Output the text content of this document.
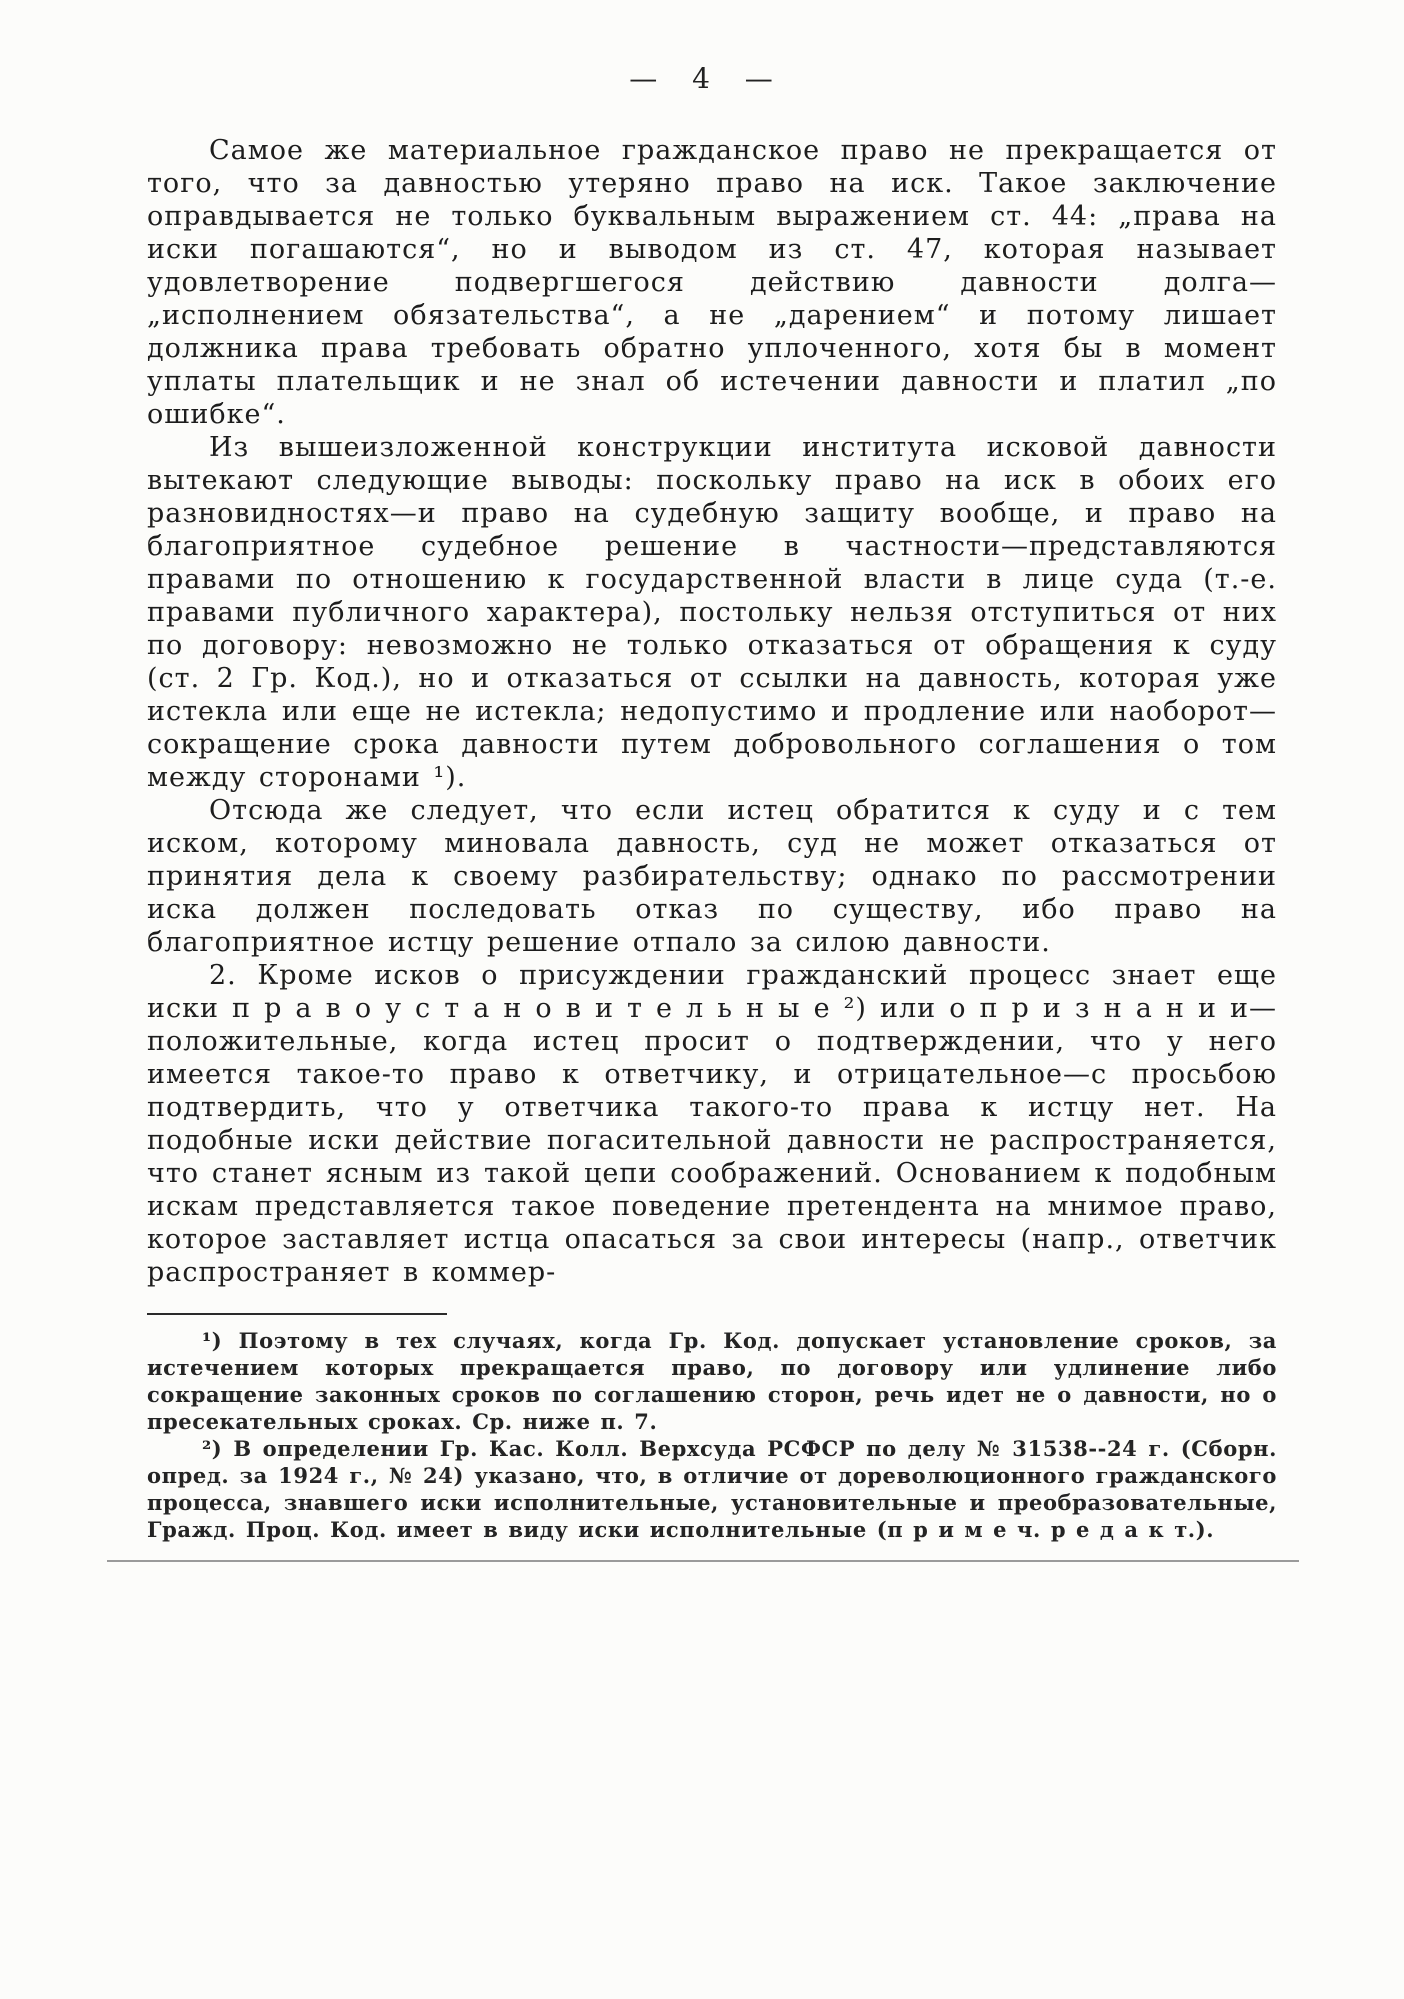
— 4 —

Самое же материальное гражданское право не прекращается от того, что за давностью утеряно право на иск. Такое заключение оправдывается не только буквальным выражением ст. 44: „права на иски погашаются“, но и выводом из ст. 47, которая называет удовлетворение подвергшегося действию давности долга—„исполнением обязательства“, а не „дарением“ и потому лишает должника права требовать обратно уплоченного, хотя бы в момент уплаты плательщик и не знал об истечении давности и платил „по ошибке“.

Из вышеизложенной конструкции института исковой давности вытекают следующие выводы: поскольку право на иск в обоих его разновидностях—и право на судебную защиту вообще, и право на благоприятное судебное решение в частности—представляются правами по отношению к государственной власти в лице суда (т.-е. правами публичного характера), постольку нельзя отступиться от них по договору: невозможно не только отказаться от обращения к суду (ст. 2 Гр. Код.), но и отказаться от ссылки на давность, которая уже истекла или еще не истекла; недопустимо и продление или наоборот—сокращение срока давности путем добровольного соглашения о том между сторонами ¹).

Отсюда же следует, что если истец обратится к суду и с тем иском, которому миновала давность, суд не может отказаться от принятия дела к своему разбирательству; однако по рассмотрении иска должен последовать отказ по существу, ибо право на благоприятное истцу решение отпало за силою давности.

2. Кроме исков о присуждении гражданский процесс знает еще иски п р а в о у с т а н о в и т е л ь н ы е ²) или о п р и з н а н и и—положительные, когда истец просит о подтверждении, что у него имеется такое-то право к ответчику, и отрицательное—с просьбою подтвердить, что у ответчика такого-то права к истцу нет. На подобные иски действие погасительной давности не распространяется, что станет ясным из такой цепи соображений. Основанием к подобным искам представляется такое поведение претендента на мнимое право, которое заставляет истца опасаться за свои интересы (напр., ответчик распространяет в коммер-

¹) Поэтому в тех случаях, когда Гр. Код. допускает установление сроков, за истечением которых прекращается право, по договору или удлинение либо сокращение законных сроков по соглашению сторон, речь идет не о давности, но о пресекательных сроках. Ср. ниже п. 7.

²) В определении Гр. Кас. Колл. Верхсуда РСФСР по делу № 31538--24 г. (Сборн. опред. за 1924 г., № 24) указано, что, в отличие от дореволюционного гражданского процесса, знавшего иски исполнительные, установительные и преобразовательные, Гражд. Проц. Код. имеет в виду иски исполнительные (п р и м е ч. р е д а к т.).
